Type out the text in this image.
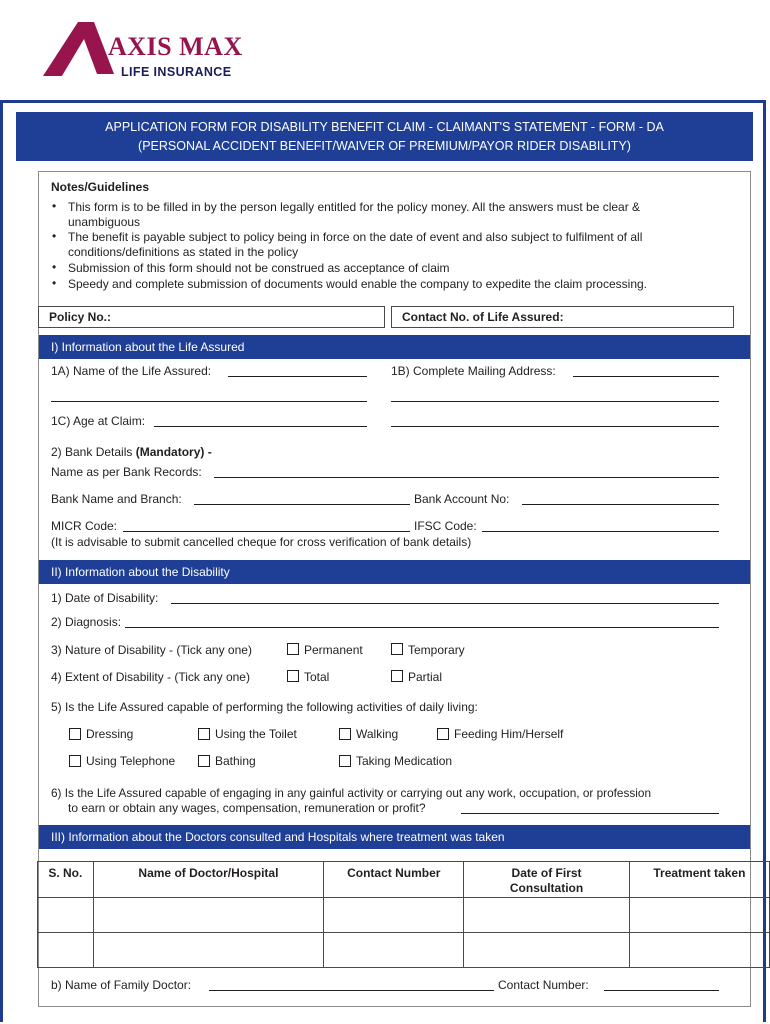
AXIS MAX
LIFE INSURANCE
APPLICATION FORM FOR DISABILITY BENEFIT CLAIM - CLAIMANT'S STATEMENT - FORM - DA
(PERSONAL ACCIDENT BENEFIT/WAIVER OF PREMIUM/PAYOR RIDER DISABILITY)
Notes/Guidelines
• This form is to be filled in by the person legally entitled for the policy money. All the answers must be clear &
unambiguous
• The benefit is payable subject to policy being in force on the date of event and also subject to fulfilment of all
conditions/definitions as stated in the policy
• Submission of this form should not be construed as acceptance of claim
• Speedy and complete submission of documents would enable the company to expedite the claim processing.
Policy No.:	Contact No. of Life Assured:
I) Information about the Life Assured
1A) Name of the Life Assured:	1B) Complete Mailing Address:
1C) Age at Claim:
2) Bank Details (Mandatory) -
Name as per Bank Records:
Bank Name and Branch:	Bank Account No:
MICR Code:	IFSC Code:
(It is advisable to submit cancelled cheque for cross verification of bank details)
II) Information about the Disability
1) Date of Disability:
2) Diagnosis:
3) Nature of Disability - (Tick any one)	Permanent	Temporary
4) Extent of Disability - (Tick any one)	Total	Partial
5) Is the Life Assured capable of performing the following activities of daily living:
Dressing	Using the Toilet	Walking	Feeding Him/Herself
Using Telephone	Bathing	Taking Medication
6) Is the Life Assured capable of engaging in any gainful activity or carrying out any work, occupation, or profession
to earn or obtain any wages, compensation, remuneration or profit?
III) Information about the Doctors consulted and Hospitals where treatment was taken
S. No.	Name of Doctor/Hospital	Contact Number	Date of First Consultation	Treatment taken

b) Name of Family Doctor:	Contact Number:
